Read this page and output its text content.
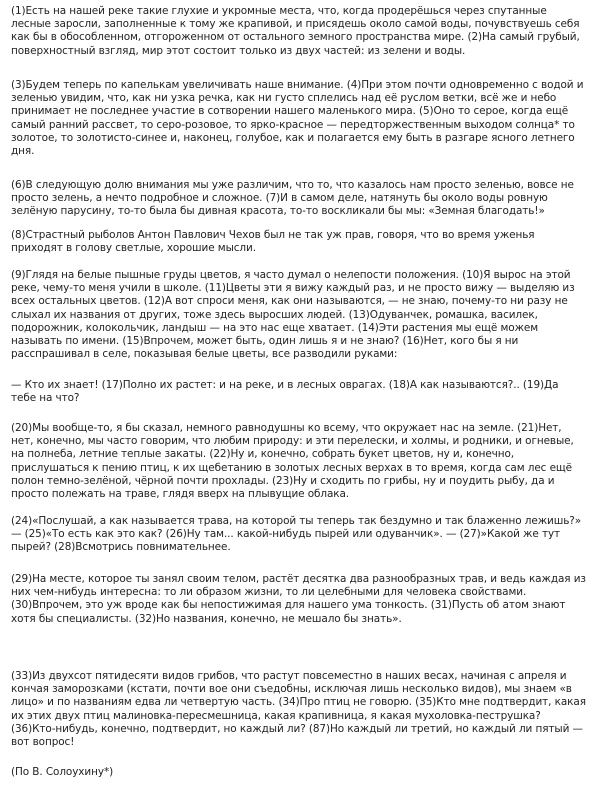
(1)Есть на нашей реке такие глухие и укромные места, что, когда продерёшься через спутанные
лесные заросли, заполненные к тому же крапивой, и присядешь около самой воды, почувствуешь себя
как бы в обособленном, отгороженном от остального земного пространства мире. (2)На самый грубый,
поверхностный взгляд, мир этот состоит только из двух частей: из зелени и воды.
(3)Будем теперь по капелькам увеличивать наше внимание. (4)При этом почти одновременно с водой и
зеленью увидим, что, как ни узка речка, как ни густо сплелись над её руслом ветки, всё же и небо
принимает не последнее участие в сотворении нашего маленького мира. (5)Оно то серое, когда ещё
самый ранний рассвет, то серо-розовое, то ярко-красное — передторжественным выходом солнца* то
золотое, то золотисто-синее и, наконец, голубое, как и полагается ему быть в разгаре ясного летнего
дня.
(6)В следующую долю внимания мы уже различим, что то, что казалось нам просто зеленью, вовсе не
просто зелень, а нечто подробное и сложное. (7)И в самом деле, натянуть бы около воды ровную
зелёную парусину, то-то была бы дивная красота, то-то воскликали бы мы: «Земная благодать!»
(8)Страстный рыболов Антон Павлович Чехов был не так уж прав, говоря, что во время уженья
приходят в голову светлые, хорошие мысли.
(9)Глядя на белые пышные груды цветов, я часто думал о нелепости положения. (10)Я вырос на этой
реке, чему-то меня учили в школе. (11)Цветы эти я вижу каждый раз, и не просто вижу — выделяю из
всех остальных цветов. (12)А вот спроси меня, как они называются, — не знаю, почему-то ни разу не
слыхал их названия от других, тоже здесь выросших людей. (13)Одуванчек, ромашка, василек,
подорожник, колокольчик, ландыш — на это нас еще хватает. (14)Эти растения мы ещё можем
называть по имени. (15)Впрочем, может быть, один лишь я и не знаю? (16)Нет, кого бы я ни
расспрашивал в селе, показывая белые цветы, все разводили руками:
— Кто их знает! (17)Полно их растет: и на реке, и в лесных оврагах. (18)А как называются?.. (19)Да
тебе на что?
(20)Мы вообще-то, я бы сказал, немного равнодушны ко всему, что окружает нас на земле. (21)Нет,
нет, конечно, мы часто говорим, что любим природу: и эти перелески, и холмы, и родники, и огневые,
на полнеба, летние теплые закаты. (22)Ну и, конечно, собрать букет цветов, ну и, конечно,
прислушаться к пению птиц, к их щебетанию в золотых лесных верхах в то время, когда сам лес ещё
полон темно-зелёной, чёрной почти прохлады. (23)Ну и сходить по грибы, ну и поудить рыбу, да и
просто полежать на траве, глядя вверх на плывущие облака.
(24)«Послушай, а как называется трава, на которой ты теперь так бездумно и так блаженно лежишь?»
— (25)«То есть как это как? (26)Ну там... какой-нибудь пырей или одуванчик». — (27)»Какой же тут
пырей? (28)Всмотрись повнимательнее.
(29)На месте, которое ты занял своим телом, растёт десятка два разнообразных трав, и ведь каждая из
них чем-нибудь интересна: то ли образом жизни, то ли целебными для человека свойствами.
(30)Впрочем, это уж вроде как бы непостижимая для нашего ума тонкость. (31)Пусть об атом знают
хотя бы специалисты. (32)Но названия, конечно, не мешало бы знать».
(33)Из двухсот пятидесяти видов грибов, что растут повсеместно в наших весах, начиная с апреля и
кончая заморозками (кстати, почти вое они съедобны, исключая лишь несколько видов), мы знаем «в
лицо» и по названиям едва ли четвертую часть. (34)Про птиц не говорю. (35)Кто мне подтвердит, какая
их этих двух птиц малиновка-пересмешница, какая крапивница, я какая мухоловка-пеструшка?
(36)Кто-нибудь, конечно, подтвердит, но каждый ли? (87)Но каждый ли третий, но каждый ли пятый —
вот вопрос!
(По В. Солоухину*)
